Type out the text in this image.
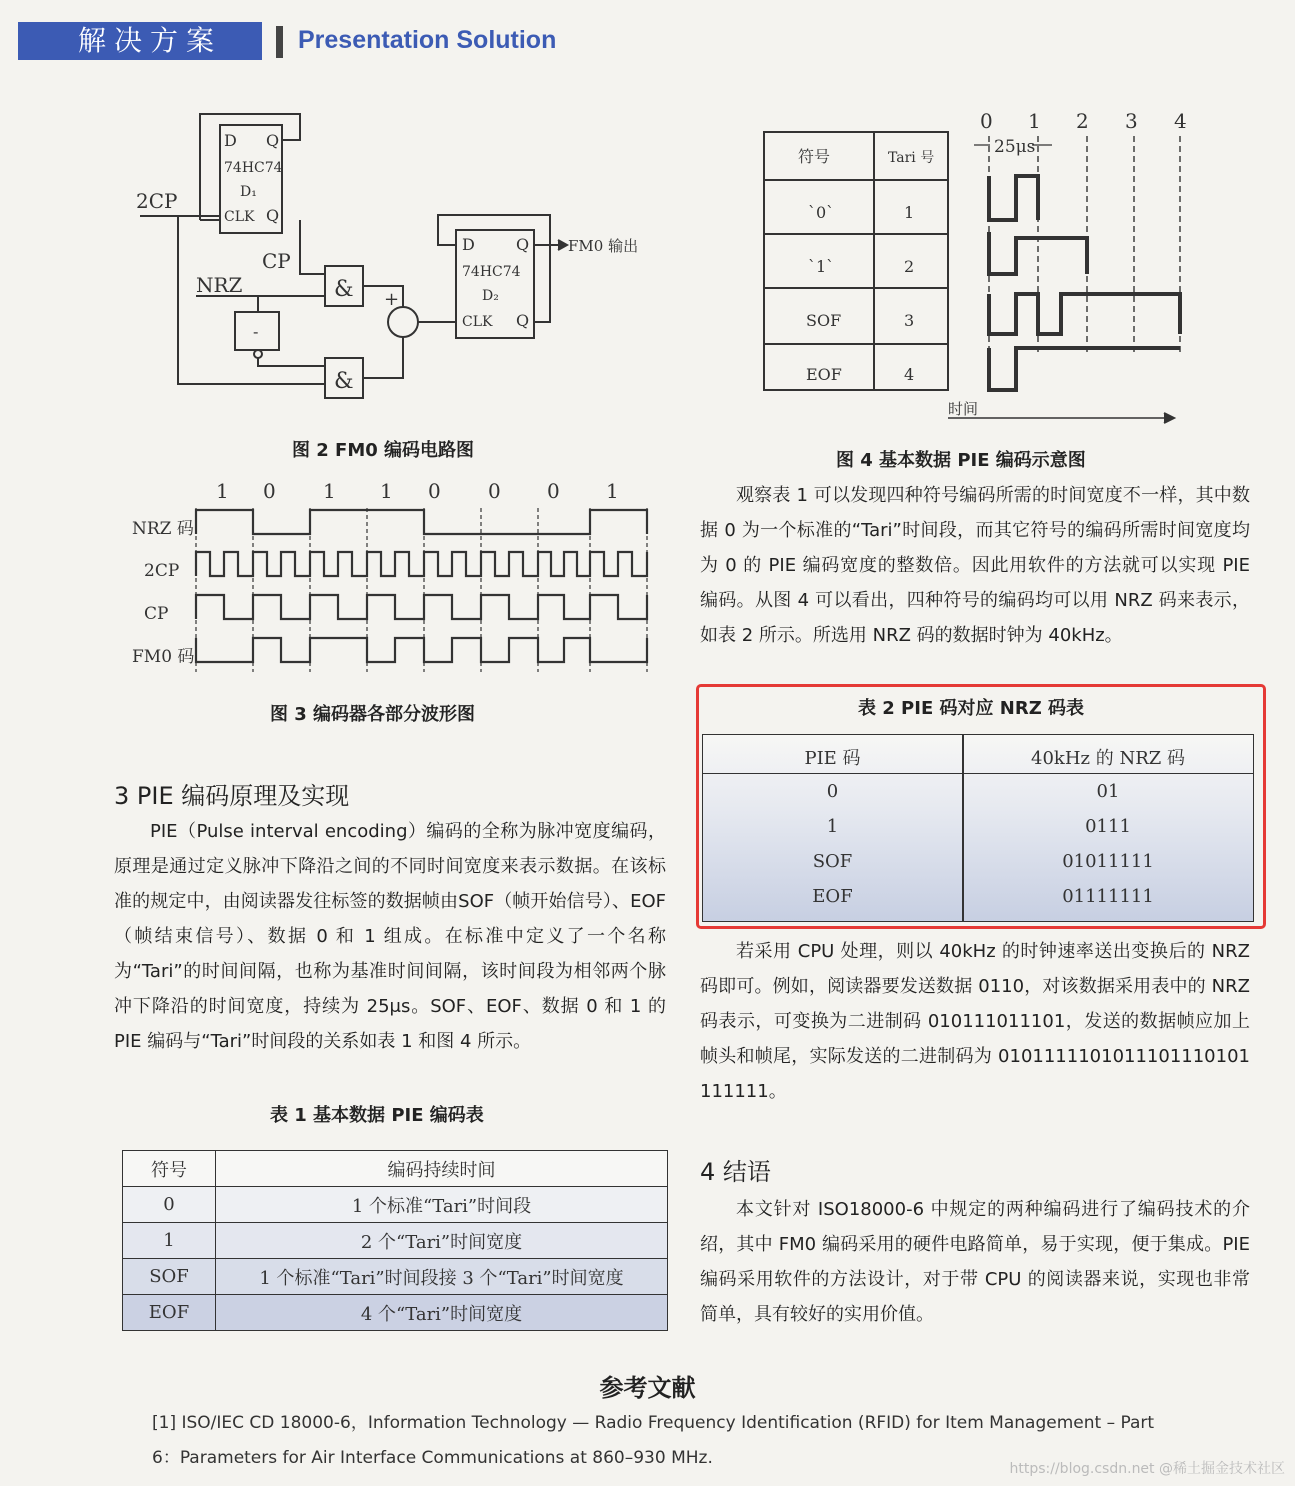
解决方案	Presentation Solution
D Q
74HC74
D₁
CLK Q
2CP
CP
&
NRZ
-
&
+
D	Q
74HC74
D₂
CLK Q
FM0 输出
图 2 FM0 编码电路图
1 0 1 1 0 0 0 1
NRZ 码
2CP
CP
FM0 码
图 3 编码器各部分波形图
3 PIE 编码原理及实现
PIE（Pulse interval encoding）编码的全称为脉冲宽度编码，原理是通过定义脉冲下降沿之间的不同时间宽度来表示数据。在该标准的规定中，由阅读器发往标签的数据帧由SOF（帧开始信号）、EOF（帧结束信号）、数据 0 和 1 组成。在标准中定义了一个名称为“Tari”的时间间隔，也称为基准时间间隔，该时间段为相邻两个脉冲下降沿的时间宽度，持续为 25μs。SOF、EOF、数据 0 和 1 的 PIE 编码与“Tari”时间段的关系如表 1 和图 4 所示。
表 1 基本数据 PIE 编码表
符号	编码持续时间
0	1 个标准“Tari”时间段
1	2 个“Tari”时间宽度
SOF	1 个标准“Tari”时间段接 3 个“Tari”时间宽度
EOF	4 个“Tari”时间宽度
符号	Tari 号
`0`	1
`1`	2
SOF	3
EOF	4
0 1 2 3 4
25μs
时间
图 4 基本数据 PIE 编码示意图
观察表 1 可以发现四种符号编码所需的时间宽度不一样，其中数据 0 为一个标准的“Tari”时间段，而其它符号的编码所需时间宽度均为 0 的 PIE 编码宽度的整数倍。因此用软件的方法就可以实现 PIE 编码。从图 4 可以看出，四种符号的编码均可以用 NRZ 码来表示，如表 2 所示。所选用 NRZ 码的数据时钟为 40kHz。
表 2 PIE 码对应 NRZ 码表
PIE 码	40kHz 的 NRZ 码
0	01
1	0111
SOF	01011111
EOF	01111111
若采用 CPU 处理，则以 40kHz 的时钟速率送出变换后的 NRZ 码即可。例如，阅读器要发送数据 0110，对该数据采用表中的 NRZ 码表示，可变换为二进制码 010111011101，发送的数据帧应加上帧头和帧尾，实际发送的二进制码为 0101111101011101110101111111。
4 结语
本文针对 ISO18000-6 中规定的两种编码进行了编码技术的介绍，其中 FM0 编码采用的硬件电路简单，易于实现，便于集成。PIE 编码采用软件的方法设计，对于带 CPU 的阅读器来说，实现也非常简单，具有较好的实用价值。
参考文献
[1] ISO/IEC CD 18000-6，Information Technology — Radio Frequency Identification (RFID) for Item Management – Part
6：Parameters for Air Interface Communications at 860–930 MHz.
https://blog.csdn.net @稀土掘金技术社区
